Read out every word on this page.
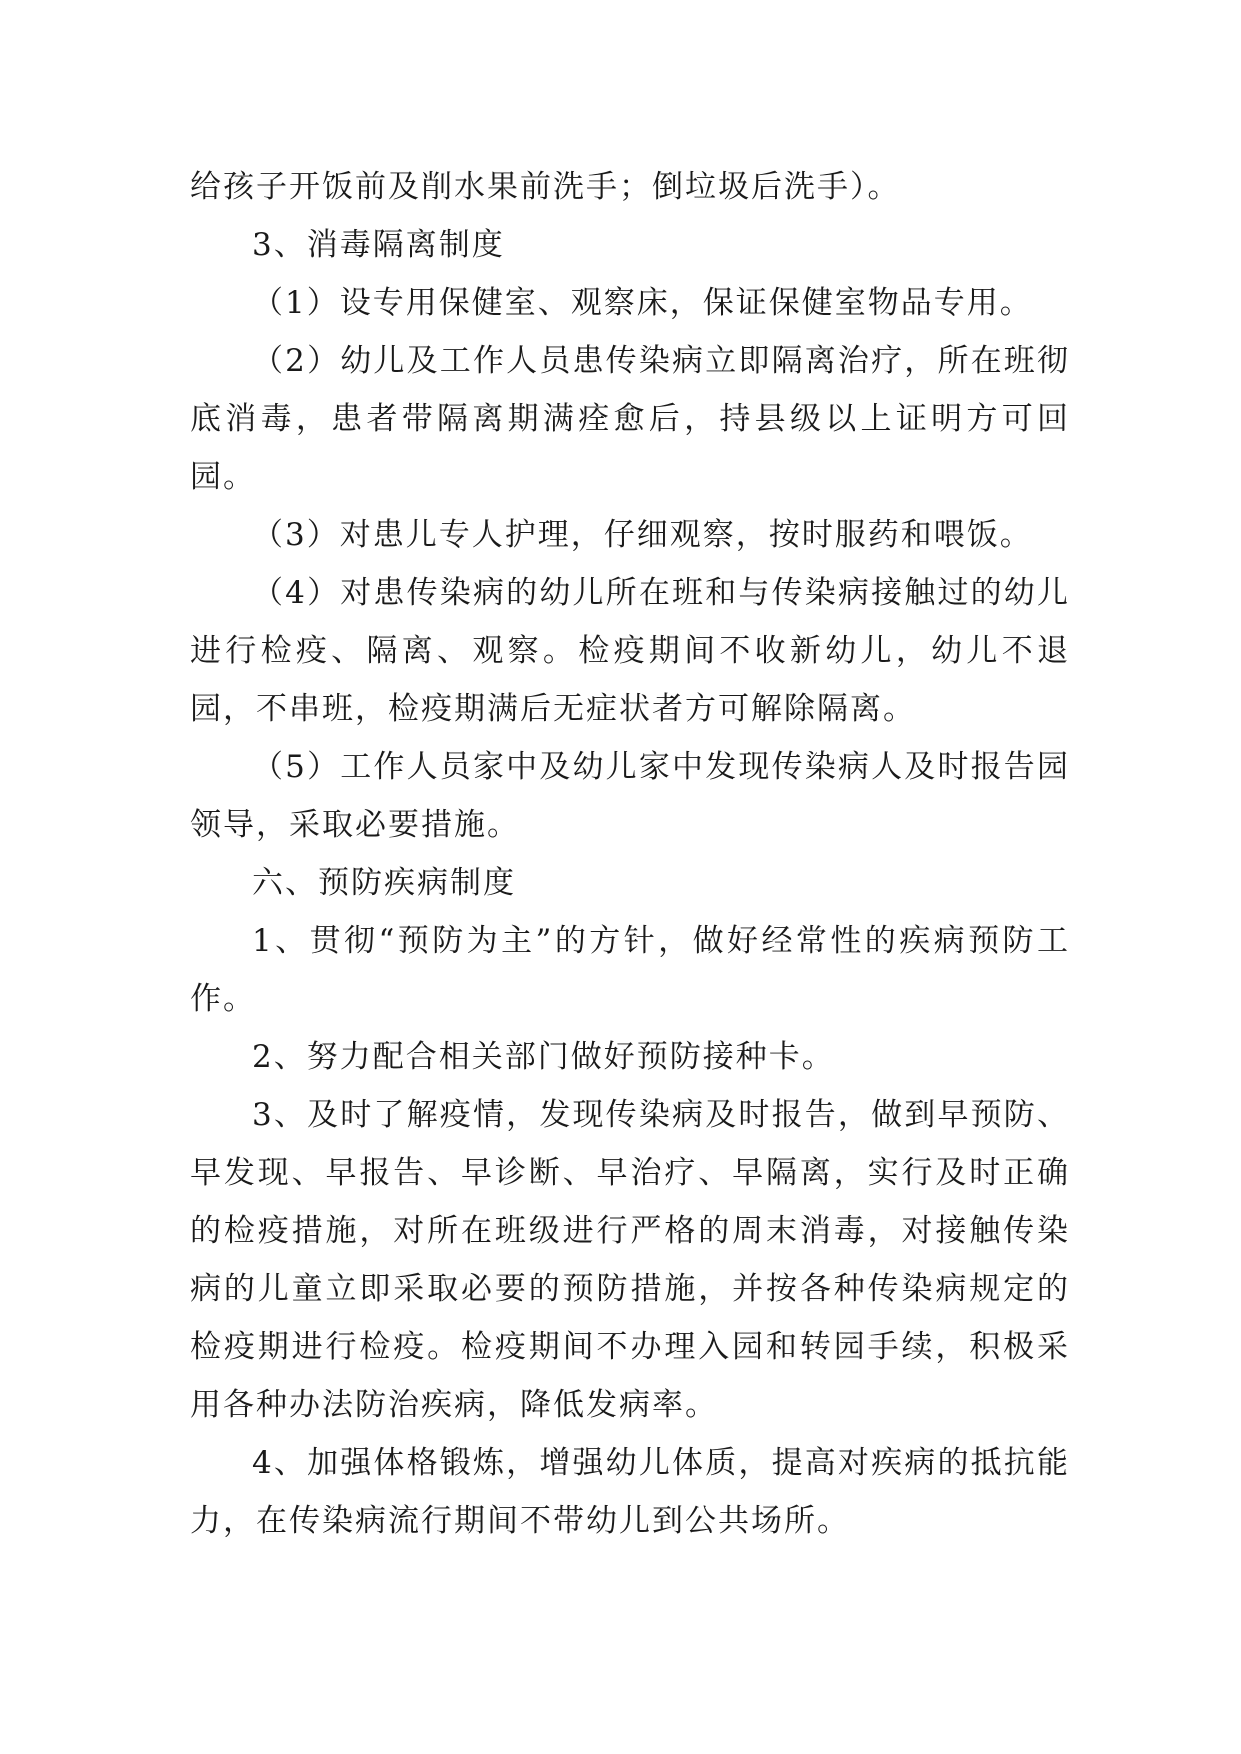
给孩子开饭前及削水果前洗手；倒垃圾后洗手）。

3、消毒隔离制度

（1）设专用保健室、观察床，保证保健室物品专用。

（2）幼儿及工作人员患传染病立即隔离治疗，所在班彻底消毒，患者带隔离期满痊愈后，持县级以上证明方可回园。

（3）对患儿专人护理，仔细观察，按时服药和喂饭。

（4）对患传染病的幼儿所在班和与传染病接触过的幼儿进行检疫、隔离、观察。检疫期间不收新幼儿，幼儿不退园，不串班，检疫期满后无症状者方可解除隔离。

（5）工作人员家中及幼儿家中发现传染病人及时报告园领导，采取必要措施。

六、预防疾病制度

1、贯彻“预防为主”的方针，做好经常性的疾病预防工作。

2、努力配合相关部门做好预防接种卡。

3、及时了解疫情，发现传染病及时报告，做到早预防、早发现、早报告、早诊断、早治疗、早隔离，实行及时正确的检疫措施，对所在班级进行严格的周末消毒，对接触传染病的儿童立即采取必要的预防措施，并按各种传染病规定的检疫期进行检疫。检疫期间不办理入园和转园手续，积极采用各种办法防治疾病，降低发病率。

4、加强体格锻炼，增强幼儿体质，提高对疾病的抵抗能力，在传染病流行期间不带幼儿到公共场所。
